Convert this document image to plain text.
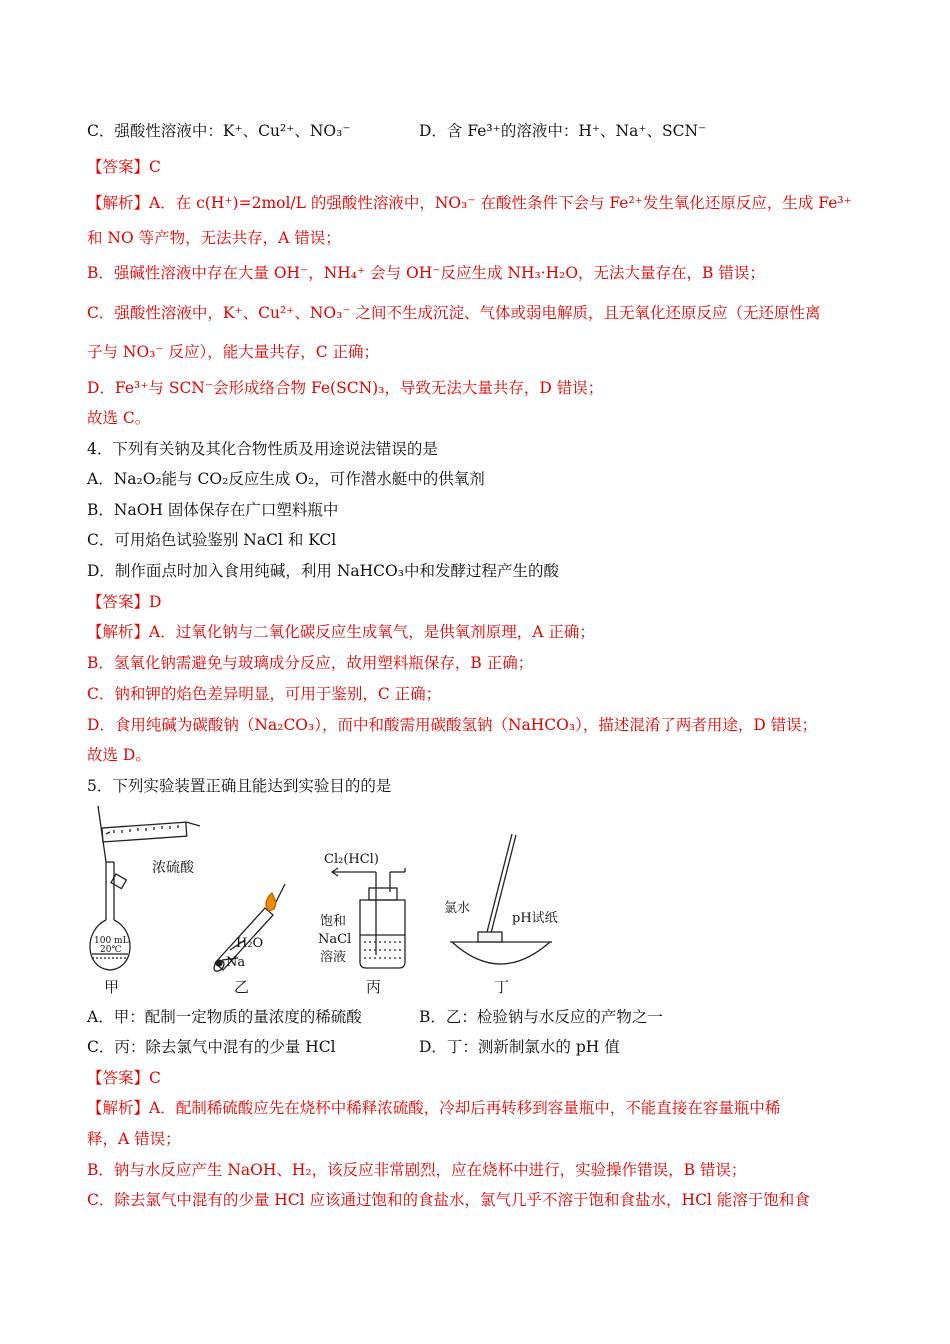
C．强酸性溶液中：K⁺、Cu²⁺、NO₃⁻	D．含 Fe³⁺的溶液中：H⁺、Na⁺、SCN⁻
【答案】C
【解析】A．在 c(H⁺)=2mol/L 的强酸性溶液中，NO₃⁻ 在酸性条件下会与 Fe²⁺发生氧化还原反应，生成 Fe³⁺
和 NO 等产物，无法共存，A 错误；
B．强碱性溶液中存在大量 OH⁻，NH₄⁺ 会与 OH⁻反应生成 NH₃·H₂O，无法大量存在，B 错误；
C．强酸性溶液中，K⁺、Cu²⁺、NO₃⁻ 之间不生成沉淀、气体或弱电解质，且无氧化还原反应（无还原性离
子与 NO₃⁻ 反应），能大量共存，C 正确；
D．Fe³⁺与 SCN⁻会形成络合物 Fe(SCN)₃，导致无法大量共存，D 错误；
故选 C。
4．下列有关钠及其化合物性质及用途说法错误的是
A．Na₂O₂能与 CO₂反应生成 O₂，可作潜水艇中的供氧剂
B．NaOH 固体保存在广口塑料瓶中
C．可用焰色试验鉴别 NaCl 和 KCl
D．制作面点时加入食用纯碱，利用 NaHCO₃中和发酵过程产生的酸
【答案】D
【解析】A．过氧化钠与二氧化碳反应生成氧气，是供氧剂原理，A 正确；
B．氢氧化钠需避免与玻璃成分反应，故用塑料瓶保存，B 正确；
C．钠和钾的焰色差异明显，可用于鉴别，C 正确；
D．食用纯碱为碳酸钠（Na₂CO₃），而中和酸需用碳酸氢钠（NaHCO₃），描述混淆了两者用途，D 错误；
故选 D。
5．下列实验装置正确且能达到实验目的的是
浓硫酸
100 mL
20℃	H₂O
Na
Cl₂(HCl)
饱和
NaCl
溶液
氯水
pH试纸
甲	乙	丙	丁
A．甲：配制一定物质的量浓度的稀硫酸	B．乙：检验钠与水反应的产物之一
C．丙：除去氯气中混有的少量 HCl	D．丁：测新制氯水的 pH 值
【答案】C
【解析】A．配制稀硫酸应先在烧杯中稀释浓硫酸，冷却后再转移到容量瓶中，不能直接在容量瓶中稀
释，A 错误；
B．钠与水反应产生 NaOH、H₂，该反应非常剧烈，应在烧杯中进行，实验操作错误，B 错误；
C．除去氯气中混有的少量 HCl 应该通过饱和的食盐水，氯气几乎不溶于饱和食盐水，HCl 能溶于饱和食
